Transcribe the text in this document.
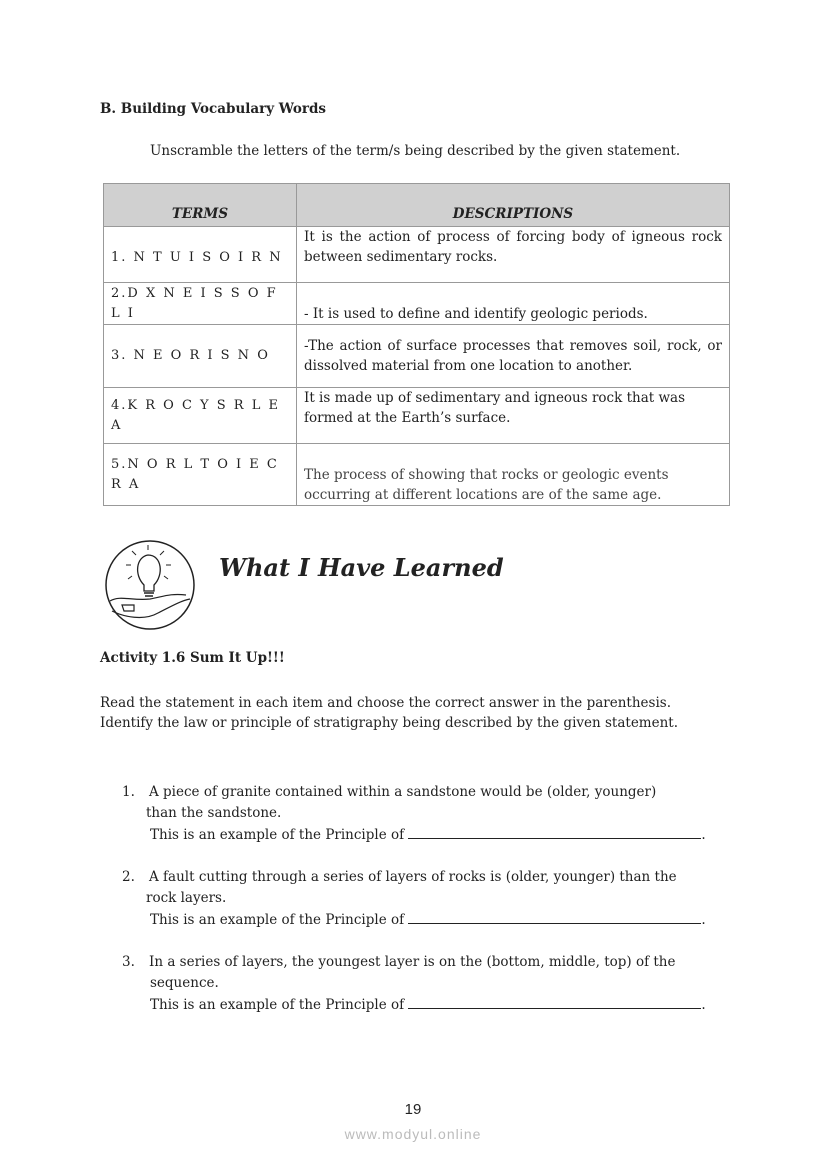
B. Building Vocabulary Words
Unscramble the letters of the term/s being described by the given statement.
TERMS	DESCRIPTIONS
1. N T U I S O I R N	It is the action of process of forcing body of igneous rock between sedimentary rocks.
2.D X N E I S S O F L I	- It is used to define and identify geologic periods.
3. N E O R I S N O	-The action of surface processes that removes soil, rock, or dissolved material from one location to another.
4.K R O C Y S R L E A	It is made up of sedimentary and igneous rock that was formed at the Earth’s surface.
5.N O R L T O I E C R A	The process of showing that rocks or geologic events occurring at different locations are of the same age.
What I Have Learned
Activity 1.6 Sum It Up!!!
Read the statement in each item and choose the correct answer in the parenthesis.
Identify the law or principle of stratigraphy being described by the given statement.
1. A piece of granite contained within a sandstone would be (older, younger)
than the sandstone.
This is an example of the Principle of	.
2. A fault cutting through a series of layers of rocks is (older, younger) than the
rock layers.
This is an example of the Principle of	.
3. In a series of layers, the youngest layer is on the (bottom, middle, top) of the
sequence.
This is an example of the Principle of	.
19
www.modyul.online
